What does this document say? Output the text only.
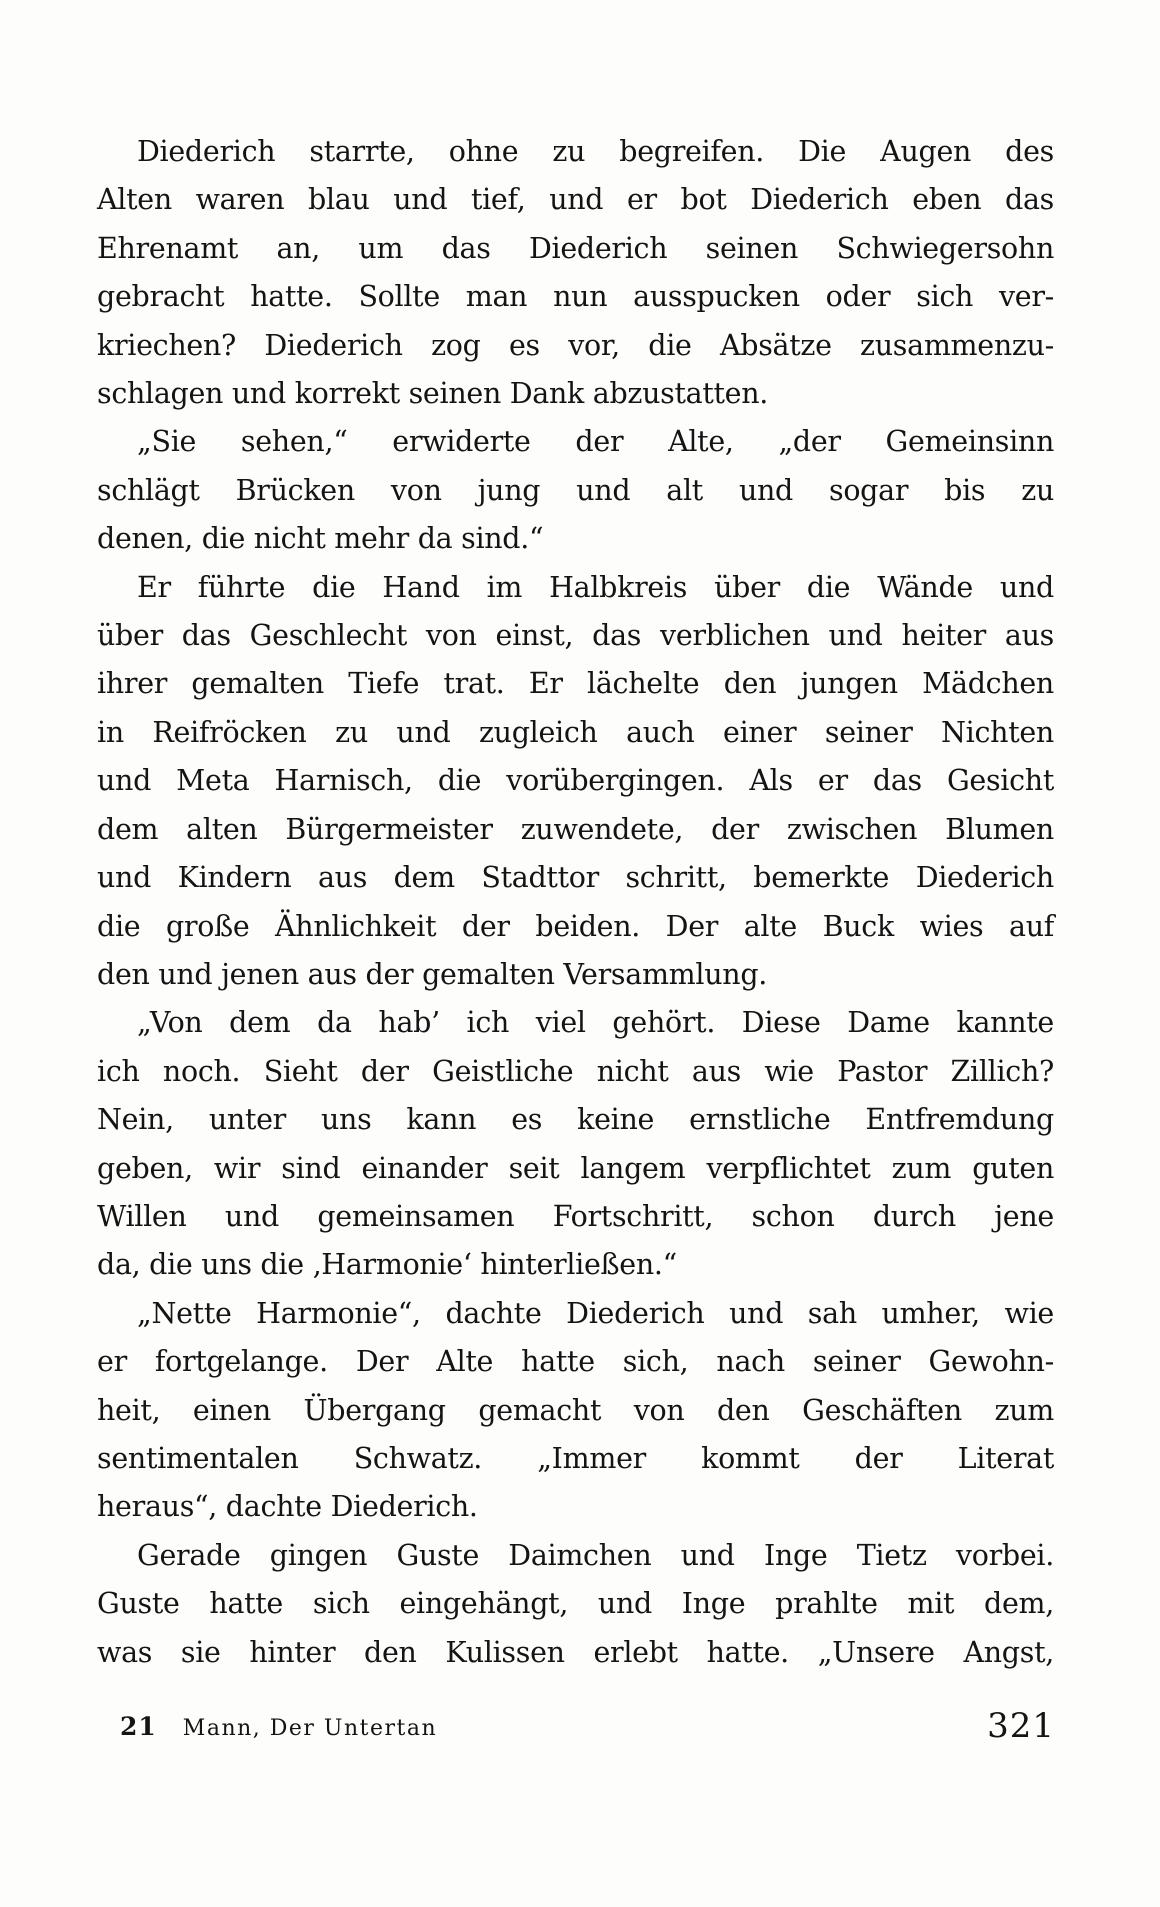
Diederich starrte, ohne zu begreifen. Die Augen des
Alten waren blau und tief, und er bot Diederich eben das
Ehrenamt an, um das Diederich seinen Schwiegersohn
gebracht hatte. Sollte man nun ausspucken oder sich ver-
kriechen? Diederich zog es vor, die Absätze zusammenzu-
schlagen und korrekt seinen Dank abzustatten.
„Sie sehen,“ erwiderte der Alte, „der Gemeinsinn
schlägt Brücken von jung und alt und sogar bis zu
denen, die nicht mehr da sind.“
Er führte die Hand im Halbkreis über die Wände und
über das Geschlecht von einst, das verblichen und heiter aus
ihrer gemalten Tiefe trat. Er lächelte den jungen Mädchen
in Reifröcken zu und zugleich auch einer seiner Nichten
und Meta Harnisch, die vorübergingen. Als er das Gesicht
dem alten Bürgermeister zuwendete, der zwischen Blumen
und Kindern aus dem Stadttor schritt, bemerkte Diederich
die große Ähnlichkeit der beiden. Der alte Buck wies auf
den und jenen aus der gemalten Versammlung.
„Von dem da hab’ ich viel gehört. Diese Dame kannte
ich noch. Sieht der Geistliche nicht aus wie Pastor Zillich?
Nein, unter uns kann es keine ernstliche Entfremdung
geben, wir sind einander seit langem verpflichtet zum guten
Willen und gemeinsamen Fortschritt, schon durch jene
da, die uns die ‚Harmonie‘ hinterließen.“
„Nette Harmonie“, dachte Diederich und sah umher, wie
er fortgelange. Der Alte hatte sich, nach seiner Gewohn-
heit, einen Übergang gemacht von den Geschäften zum
sentimentalen Schwatz. „Immer kommt der Literat
heraus“, dachte Diederich.
Gerade gingen Guste Daimchen und Inge Tietz vorbei.
Guste hatte sich eingehängt, und Inge prahlte mit dem,
was sie hinter den Kulissen erlebt hatte. „Unsere Angst,
21 Mann, Der Untertan	321
